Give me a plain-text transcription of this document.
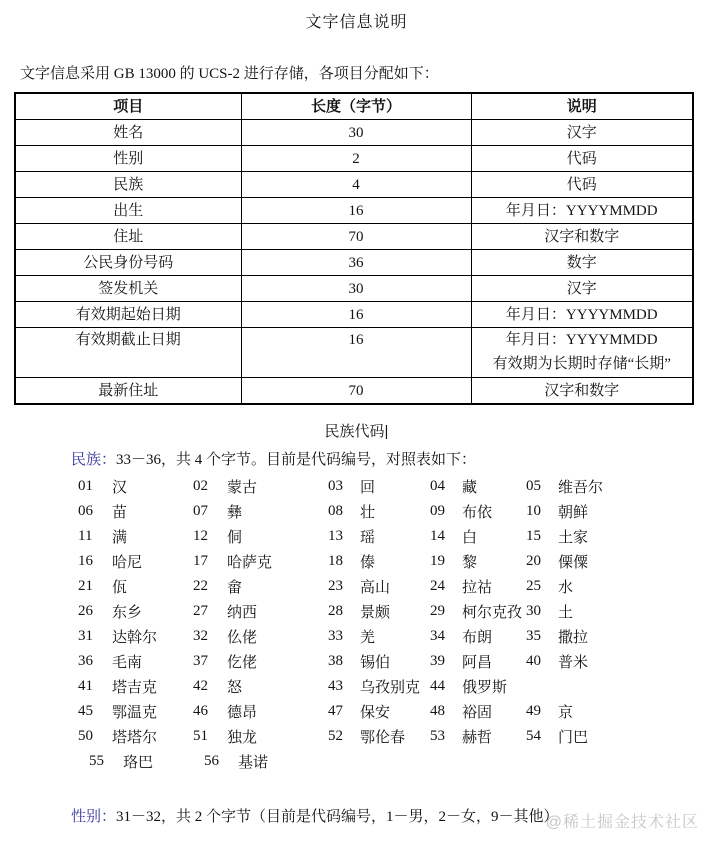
文字信息说明
文字信息采用 GB 13000 的 UCS-2 进行存储，各项目分配如下：
项目	长度（字节）	说明
姓名	30	汉字

性别	2	代码

民族	4	代码

出生	16	年月日：YYYYMMDD

住址	70	汉字和数字

公民身份号码	36	数字

签发机关	30	汉字

有效期起始日期	16	年月日：YYYYMMDD

有效期截止日期	16	年月日：YYYYMMDD
有效期为长期时存储“长期”

最新住址	70	汉字和数字
民族代码|
民族：33－36，共 4 个字节。目前是代码编号，对照表如下：
01	汉	02	蒙古	03	回	04	藏	05	维吾尔
06	苗	07	彝	08	壮	09	布依	10	朝鲜
11	满	12	侗	13	瑶	14	白	15	土家
16	哈尼	17	哈萨克	18	傣	19	黎	20	傈僳
21	佤	22	畲	23	高山	24	拉祜	25	水
26	东乡	27	纳西	28	景颇	29	柯尔克孜 30	土
31	达斡尔	32	仫佬	33	羌	34	布朗	35	撒拉
36	毛南	37	仡佬	38	锡伯	39	阿昌	40	普米
41	塔吉克	42	怒	43	乌孜别克 44	俄罗斯
45	鄂温克	46	德昂	47	保安	48	裕固	49	京
50	塔塔尔	51	独龙	52	鄂伦春	53	赫哲	54	门巴
55	珞巴	56	基诺
性别：31－32，共 2 个字节（目前是代码编号，1－男，2－女，9－其他）
@稀土掘金技术社区
